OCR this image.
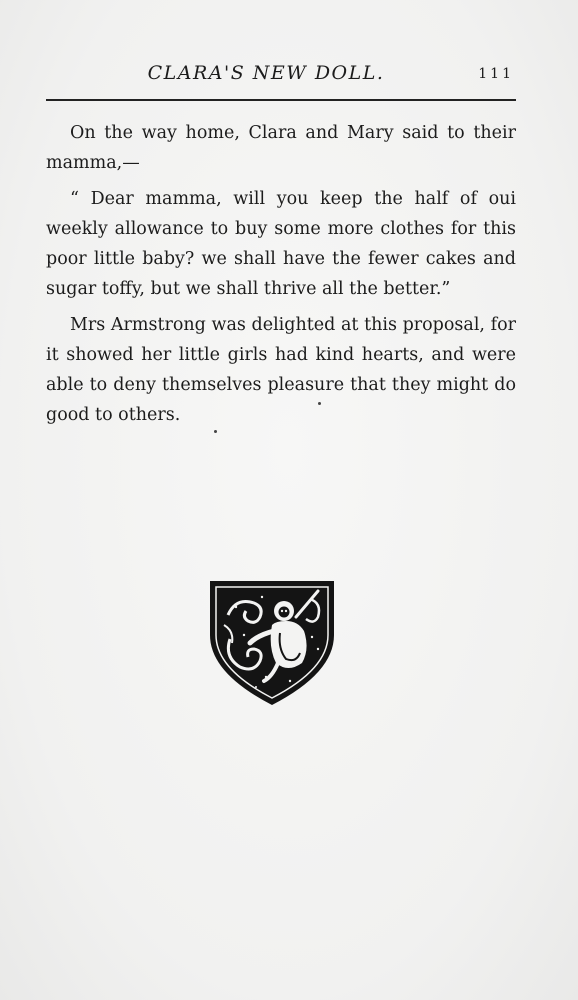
CLARA'S NEW DOLL.	111

On the way home, Clara and Mary said to their mamma,—

“ Dear mamma, will you keep the half of oui weekly allowance to buy some more clothes for this poor little baby? we shall have the fewer cakes and sugar toffy, but we shall thrive all the better.”

Mrs Armstrong was delighted at this proposal, for it showed her little girls had kind hearts, and were able to deny themselves pleasure that they might do good to others.
